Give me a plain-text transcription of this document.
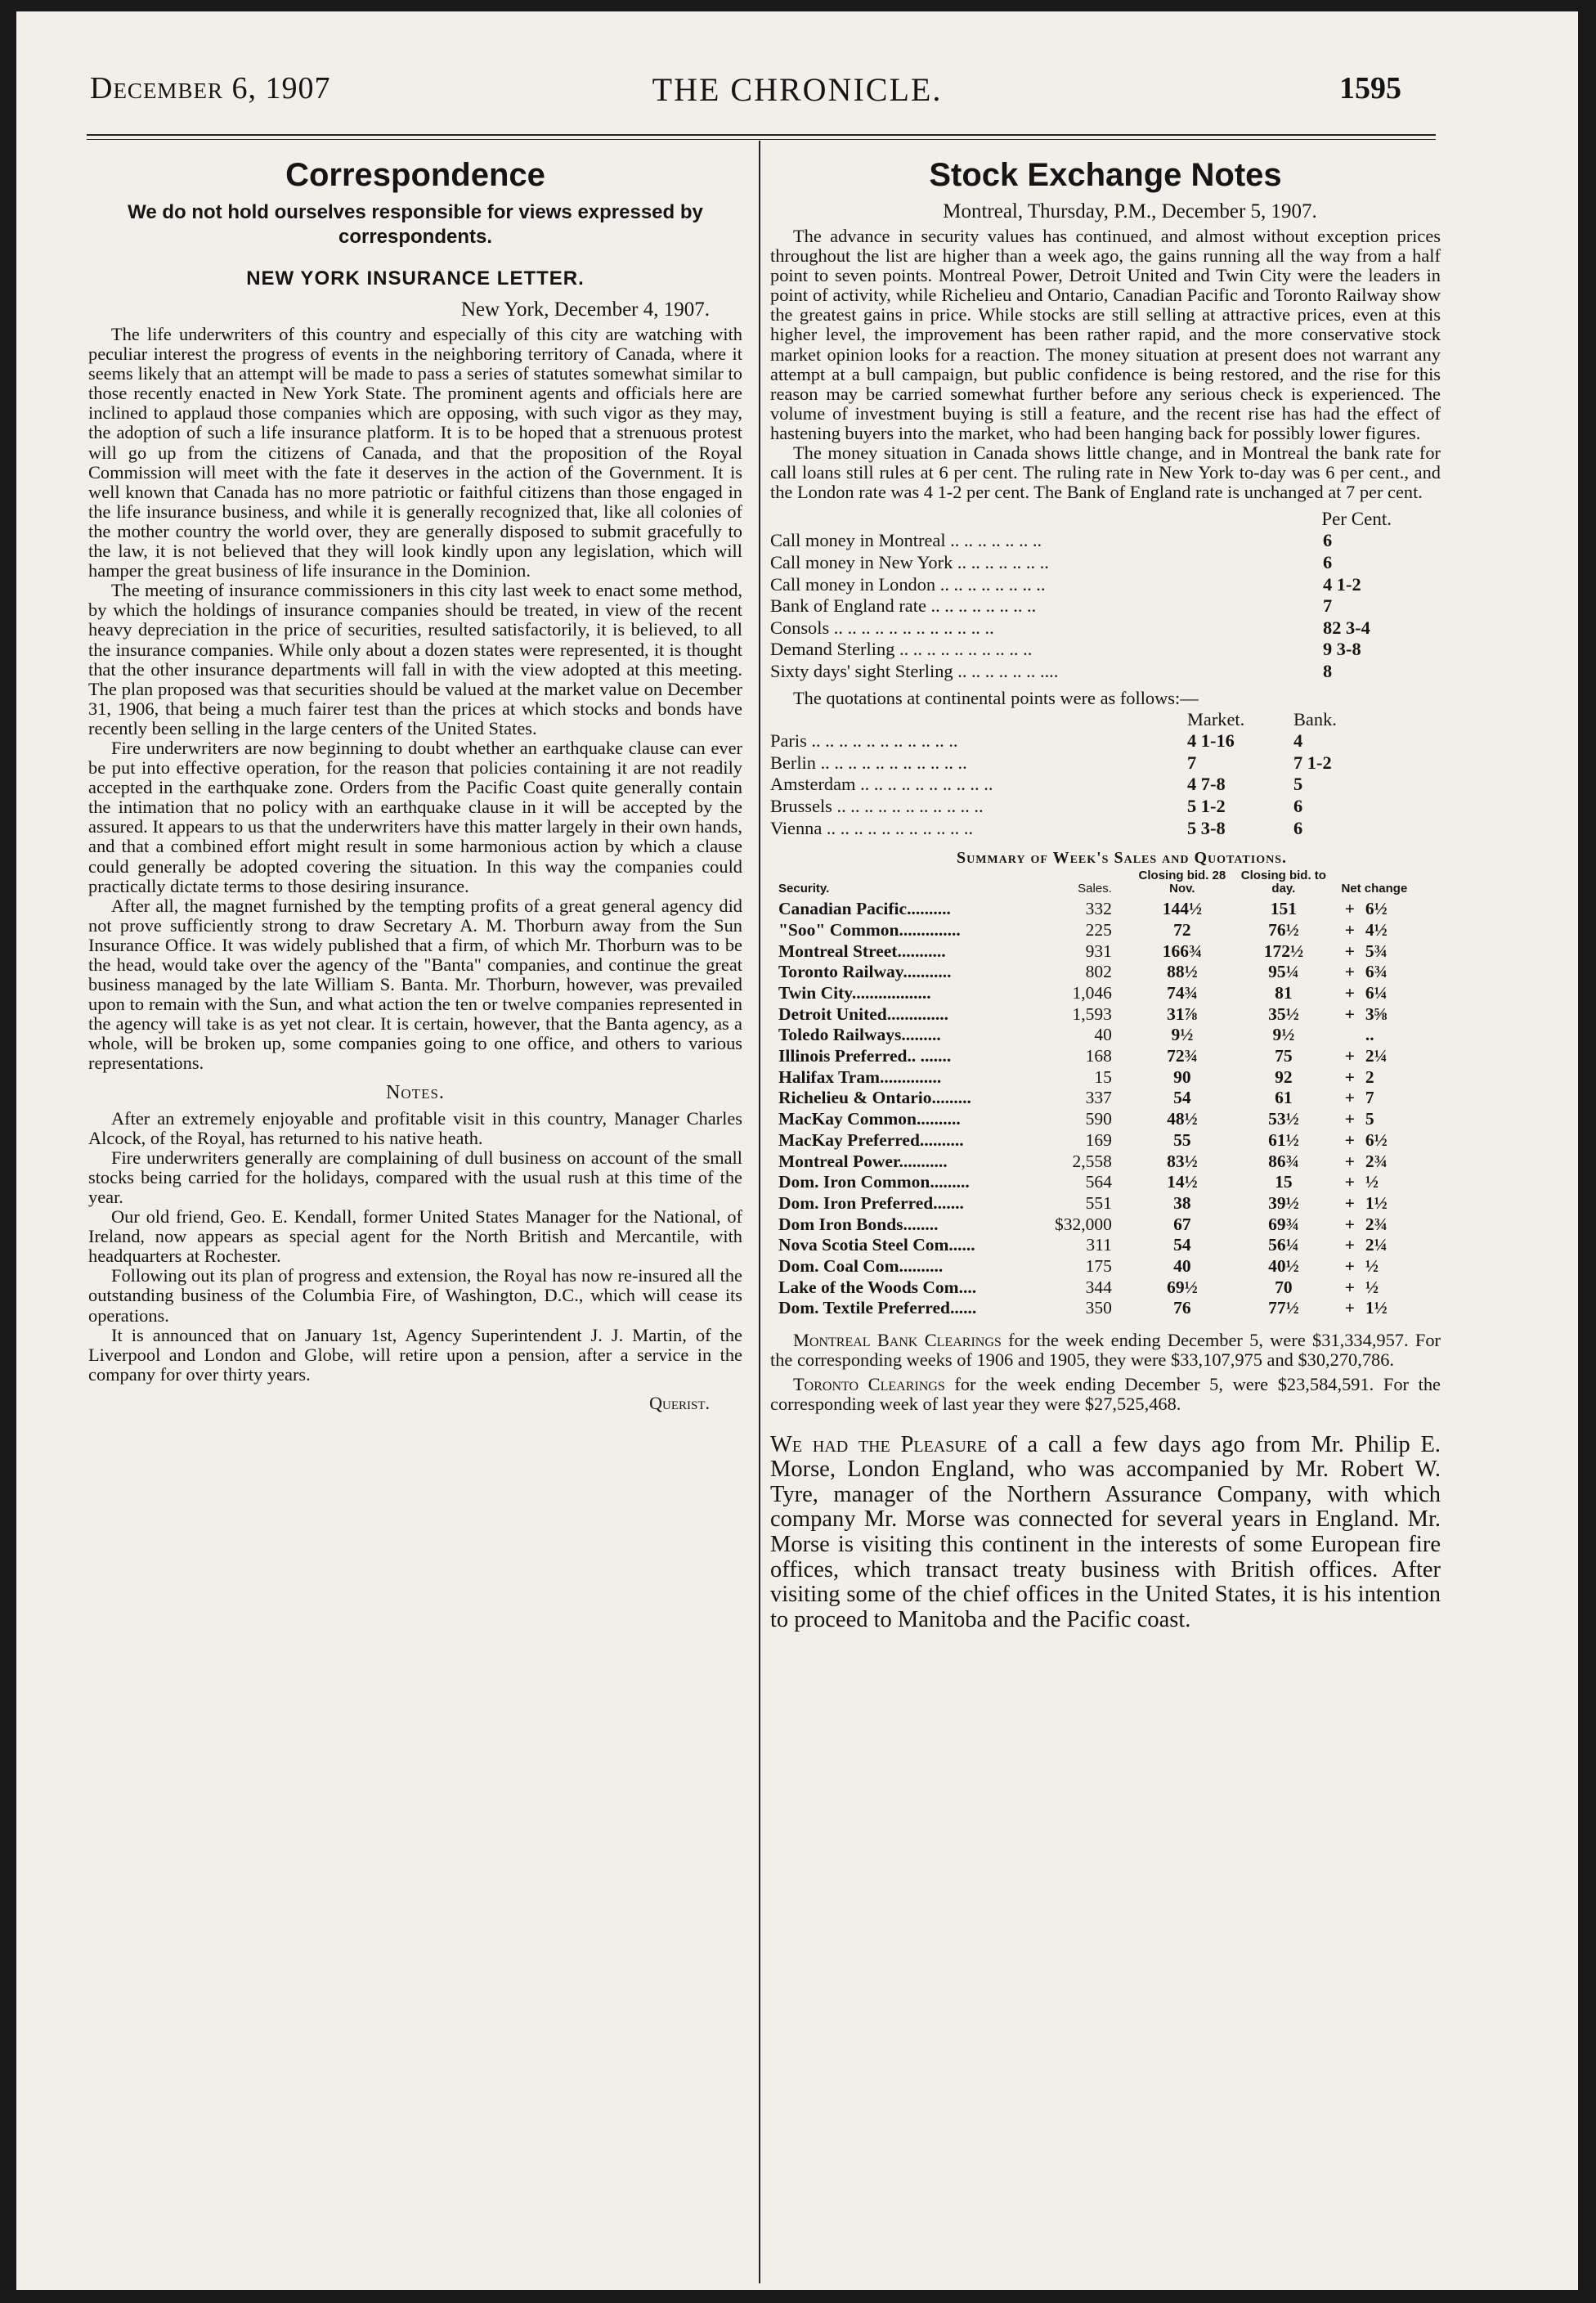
December 6, 1907	THE CHRONICLE.	1595
Correspondence
We do not hold ourselves responsible for views expressed by correspondents.
NEW YORK INSURANCE LETTER.
New York, December 4, 1907.

The life underwriters of this country and especially of this city are watching with peculiar interest the progress of events in the neighboring territory of Canada, where it seems likely that an attempt will be made to pass a series of statutes somewhat similar to those recently enacted in New York State. The prominent agents and officials here are inclined to applaud those companies which are opposing, with such vigor as they may, the adoption of such a life insurance platform. It is to be hoped that a strenuous protest will go up from the citizens of Canada, and that the proposition of the Royal Commission will meet with the fate it deserves in the action of the Government. It is well known that Canada has no more patriotic or faithful citizens than those engaged in the life insurance business, and while it is generally recognized that, like all colonies of the mother country the world over, they are generally disposed to submit gracefully to the law, it is not believed that they will look kindly upon any legislation, which will hamper the great business of life insurance in the Dominion.

The meeting of insurance commissioners in this city last week to enact some method, by which the holdings of insurance companies should be treated, in view of the recent heavy depreciation in the price of securities, resulted satisfactorily, it is believed, to all the insurance companies. While only about a dozen states were represented, it is thought that the other insurance departments will fall in with the view adopted at this meeting. The plan proposed was that securities should be valued at the market value on December 31, 1906, that being a much fairer test than the prices at which stocks and bonds have recently been selling in the large centers of the United States.

Fire underwriters are now beginning to doubt whether an earthquake clause can ever be put into effective operation, for the reason that policies containing it are not readily accepted in the earthquake zone. Orders from the Pacific Coast quite generally contain the intimation that no policy with an earthquake clause in it will be accepted by the assured. It appears to us that the underwriters have this matter largely in their own hands, and that a combined effort might result in some harmonious action by which a clause could generally be adopted covering the situation. In this way the companies could practically dictate terms to those desiring insurance.

After all, the magnet furnished by the tempting profits of a great general agency did not prove sufficiently strong to draw Secretary A. M. Thorburn away from the Sun Insurance Office. It was widely published that a firm, of which Mr. Thorburn was to be the head, would take over the agency of the "Banta" companies, and continue the great business managed by the late William S. Banta. Mr. Thorburn, however, was prevailed upon to remain with the Sun, and what action the ten or twelve companies represented in the agency will take is as yet not clear. It is certain, however, that the Banta agency, as a whole, will be broken up, some companies going to one office, and others to various representations.

Notes.

After an extremely enjoyable and profitable visit in this country, Manager Charles Alcock, of the Royal, has returned to his native heath.

Fire underwriters generally are complaining of dull business on account of the small stocks being carried for the holidays, compared with the usual rush at this time of the year.

Our old friend, Geo. E. Kendall, former United States Manager for the National, of Ireland, now appears as special agent for the North British and Mercantile, with headquarters at Rochester.

Following out its plan of progress and extension, the Royal has now re-insured all the outstanding business of the Columbia Fire, of Washington, D.C., which will cease its operations.

It is announced that on January 1st, Agency Superintendent J. J. Martin, of the Liverpool and London and Globe, will retire upon a pension, after a service in the company for over thirty years.

Querist.
Stock Exchange Notes
Montreal, Thursday, P.M., December 5, 1907.

The advance in security values has continued, and almost without exception prices throughout the list are higher than a week ago, the gains running all the way from a half point to seven points. Montreal Power, Detroit United and Twin City were the leaders in point of activity, while Richelieu and Ontario, Canadian Pacific and Toronto Railway show the greatest gains in price. While stocks are still selling at attractive prices, even at this higher level, the improvement has been rather rapid, and the more conservative stock market opinion looks for a reaction. The money situation at present does not warrant any attempt at a bull campaign, but public confidence is being restored, and the rise for this reason may be carried somewhat further before any serious check is experienced. The volume of investment buying is still a feature, and the recent rise has had the effect of hastening buyers into the market, who had been hanging back for possibly lower figures.

The money situation in Canada shows little change, and in Montreal the bank rate for call loans still rules at 6 per cent. The ruling rate in New York to-day was 6 per cent., and the London rate was 4 1-2 per cent. The Bank of England rate is unchanged at 7 per cent.

Per Cent.
Call money in Montreal .. .. .. .. .. .. ..	6
Call money in New York .. .. .. .. .. .. ..	6
Call money in London .. .. .. .. .. .. .. ..	4 1-2
Bank of England rate .. .. .. .. .. .. .. ..	7
Consols .. .. .. .. .. .. .. .. .. .. .. ..	82 3-4
Demand Sterling .. .. .. .. .. .. .. .. .. ..	9 3-8
Sixty days' sight Sterling .. .. .. .. .. .. ....	8

The quotations at continental points were as follows:—

	Market.	Bank.
Paris .. .. .. .. .. .. .. .. .. .. ..	4 1-16	4
Berlin .. .. .. .. .. .. .. .. .. .. ..	7	7 1-2
Amsterdam .. .. .. .. .. .. .. .. .. ..	4 7-8	5
Brussels .. .. .. .. .. .. .. .. .. .. ..	5 1-2	6
Vienna .. .. .. .. .. .. .. .. .. .. ..	5 3-8	6
Summary of Week's Sales and Quotations.
Security.	Sales.	Closing bid. 28 Nov.	Closing bid. to day.	Net change	
Canadian Pacific..........	332	144½	151	+	6½
"Soo" Common..............	225	72	76½	+	4½
Montreal Street...........	931	166¾	172½	+	5¾
Toronto Railway...........	802	88½	95¼	+	6¾
Twin City..................	1,046	74¾	81	+	6¼
Detroit United..............	1,593	31⅞	35½	+	3⅝
Toledo Railways.........	40	9½	9½		..
Illinois Preferred.. .......	168	72¾	75	+	2¼
Halifax Tram..............	15	90	92	+	2
Richelieu & Ontario.........	337	54	61	+	7
MacKay Common..........	590	48½	53½	+	5
MacKay Preferred..........	169	55	61½	+	6½
Montreal Power...........	2,558	83½	86¾	+	2¾
Dom. Iron Common.........	564	14½	15	+	½
Dom. Iron Preferred.......	551	38	39½	+	1½
Dom Iron Bonds........	$32,000	67	69¾	+	2¾
Nova Scotia Steel Com......	311	54	56¼	+	2¼
Dom. Coal Com..........	175	40	40½	+	½
Lake of the Woods Com....	344	69½	70	+	½
Dom. Textile Preferred......	350	76	77½	+	1½

Montreal Bank Clearings for the week ending December 5, were $31,334,957. For the corresponding weeks of 1906 and 1905, they were $33,107,975 and $30,270,786.

Toronto Clearings for the week ending December 5, were $23,584,591. For the corresponding week of last year they were $27,525,468.

We had the Pleasure of a call a few days ago from Mr. Philip E. Morse, London England, who was accompanied by Mr. Robert W. Tyre, manager of the Northern Assurance Company, with which company Mr. Morse was connected for several years in England. Mr. Morse is visiting this continent in the interests of some European fire offices, which transact treaty business with British offices. After visiting some of the chief offices in the United States, it is his intention to proceed to Manitoba and the Pacific coast.
